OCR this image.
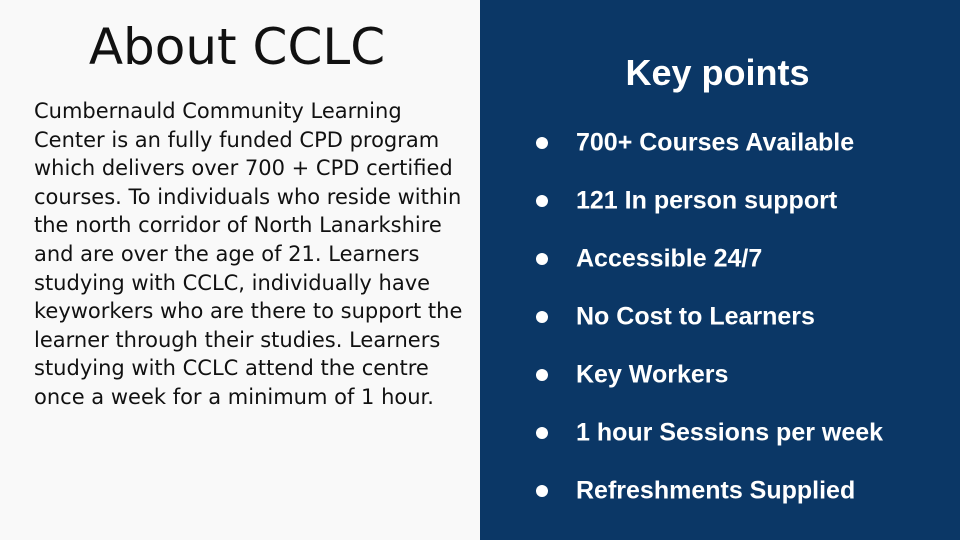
About CCLC

Cumbernauld Community Learning Center is an fully funded CPD program which delivers over 700 + CPD certified courses. To individuals who reside within the north corridor of North Lanarkshire and are over the age of 21. Learners studying with CCLC, individually have keyworkers who are there to support the learner through their studies. Learners studying with CCLC attend the centre once a week for a minimum of 1 hour.

Key points
700+ Courses Available
121 In person support
Accessible 24/7
No Cost to Learners
Key Workers
1 hour Sessions per week
Refreshments Supplied
